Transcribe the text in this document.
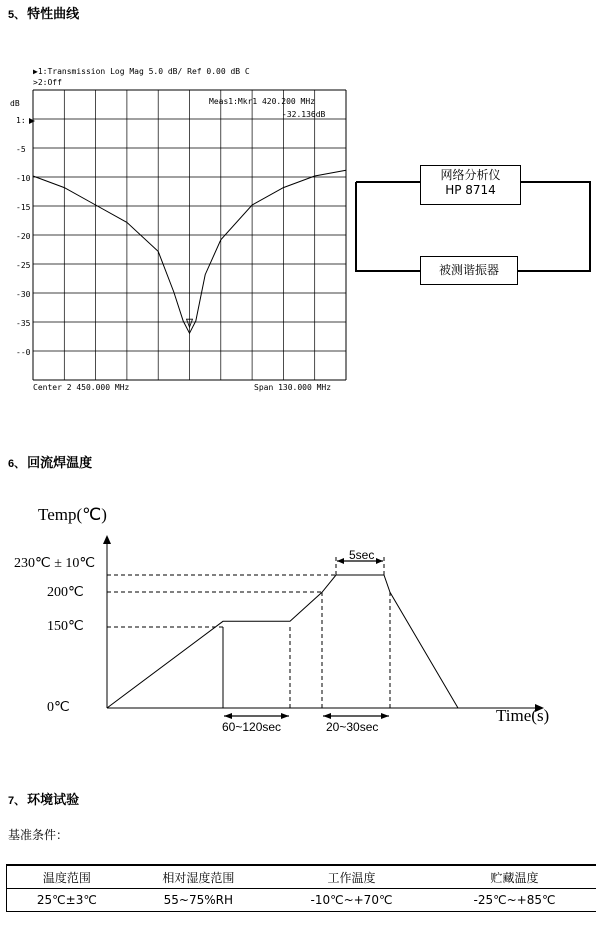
5、 特性曲线
▶1:Transmission Log Mag 5.0 dB/ Ref 0.00 dB C
>2:Off
dB	Meas1:Mkr1 420.200 MHz
-32.136dB
Center 2 450.000 MHz	Span 130.000 MHz
1:
-5
-10
-15
-20
-25
-30
-35
--0
网络分析仪
HP 8714
被测谐振器
6、 回流焊温度
Temp(℃)
Time(s)
230℃ ± 10℃
200℃
150℃
0℃
60~120sec	20~30sec
5sec
7、 环境试验
基准条件：
温度范围	相对湿度范围	工作温度	贮藏温度
25℃±3℃	55~75%RH	-10℃~+70℃	-25℃~+85℃
